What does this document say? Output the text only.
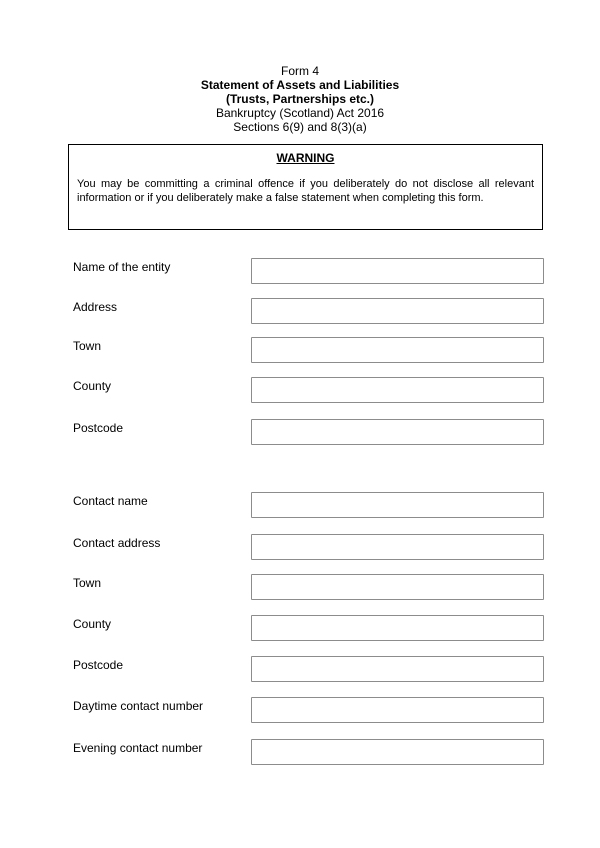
Form 4
Statement of Assets and Liabilities
(Trusts, Partnerships etc.)
Bankruptcy (Scotland) Act 2016
Sections 6(9) and 8(3)(a)
WARNING
You may be committing a criminal offence if you deliberately do not disclose all relevant information or if you deliberately make a false statement when completing this form.
Name of the entity
Address
Town
County
Postcode
Contact name
Contact address
Town
County
Postcode
Daytime contact number
Evening contact number
